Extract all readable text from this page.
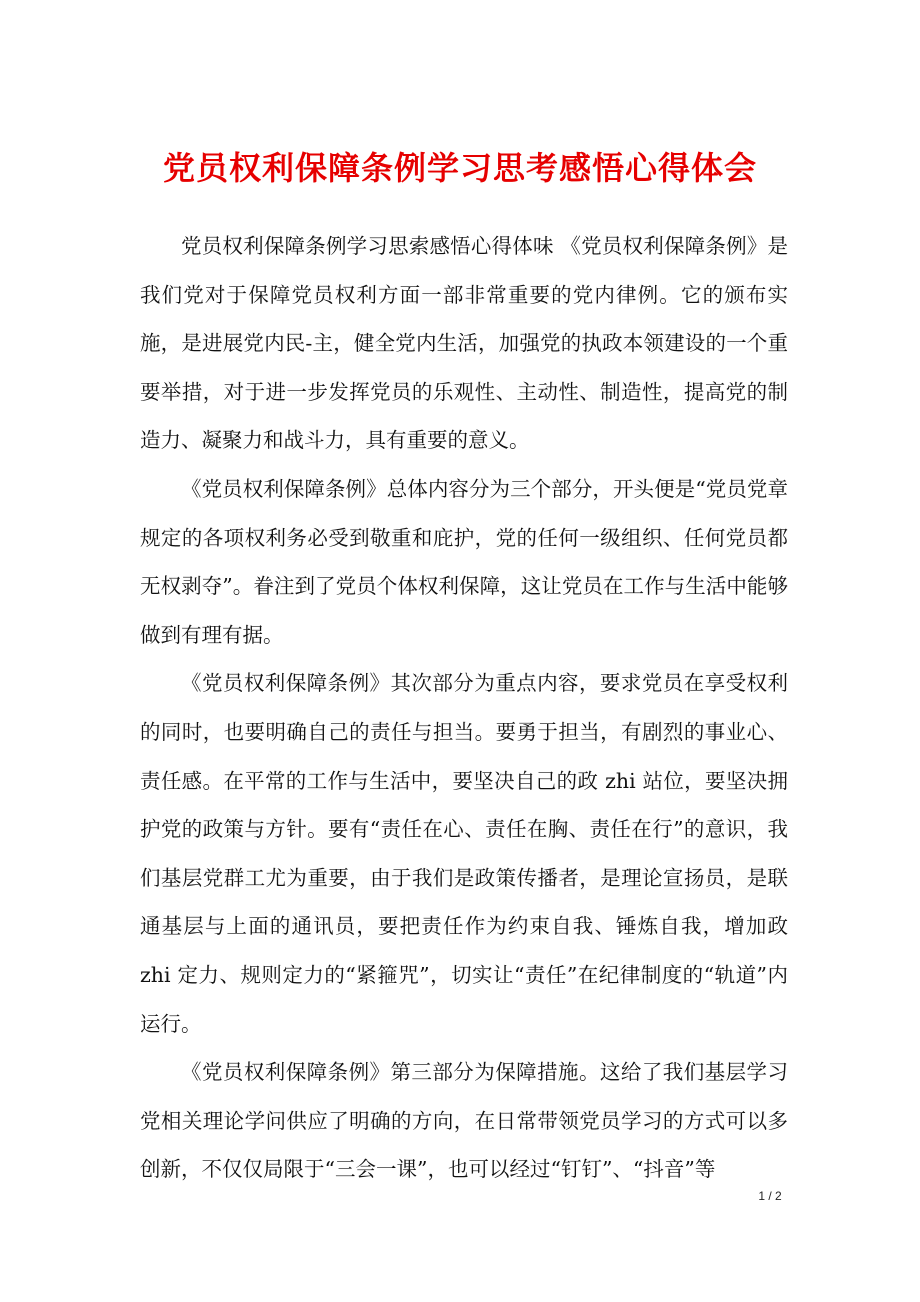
党员权利保障条例学习思考感悟心得体会

党员权利保障条例学习思索感悟心得体味 《党员权利保障条例》是我们党对于保障党员权利方面一部非常重要的党内律例。它的颁布实施，是进展党内民-主，健全党内生活，加强党的执政本领建设的一个重要举措，对于进一步发挥党员的乐观性、主动性、制造性，提高党的制造力、凝聚力和战斗力，具有重要的意义。

《党员权利保障条例》总体内容分为三个部分，开头便是“党员党章规定的各项权利务必受到敬重和庇护，党的任何一级组织、任何党员都无权剥夺”。眷注到了党员个体权利保障，这让党员在工作与生活中能够做到有理有据。

《党员权利保障条例》其次部分为重点内容，要求党员在享受权利的同时，也要明确自己的责任与担当。要勇于担当，有剧烈的事业心、责任感。在平常的工作与生活中，要坚决自己的政 zhi 站位，要坚决拥护党的政策与方针。要有“责任在心、责任在胸、责任在行”的意识，我们基层党群工尤为重要，由于我们是政策传播者，是理论宣扬员，是联通基层与上面的通讯员，要把责任作为约束自我、锤炼自我，增加政 zhi 定力、规则定力的“紧箍咒”，切实让“责任”在纪律制度的“轨道”内运行。

《党员权利保障条例》第三部分为保障措施。这给了我们基层学习党相关理论学问供应了明确的方向，在日常带领党员学习的方式可以多创新，不仅仅局限于“三会一课”，也可以经过“钉钉”、“抖音”等

1 / 2
